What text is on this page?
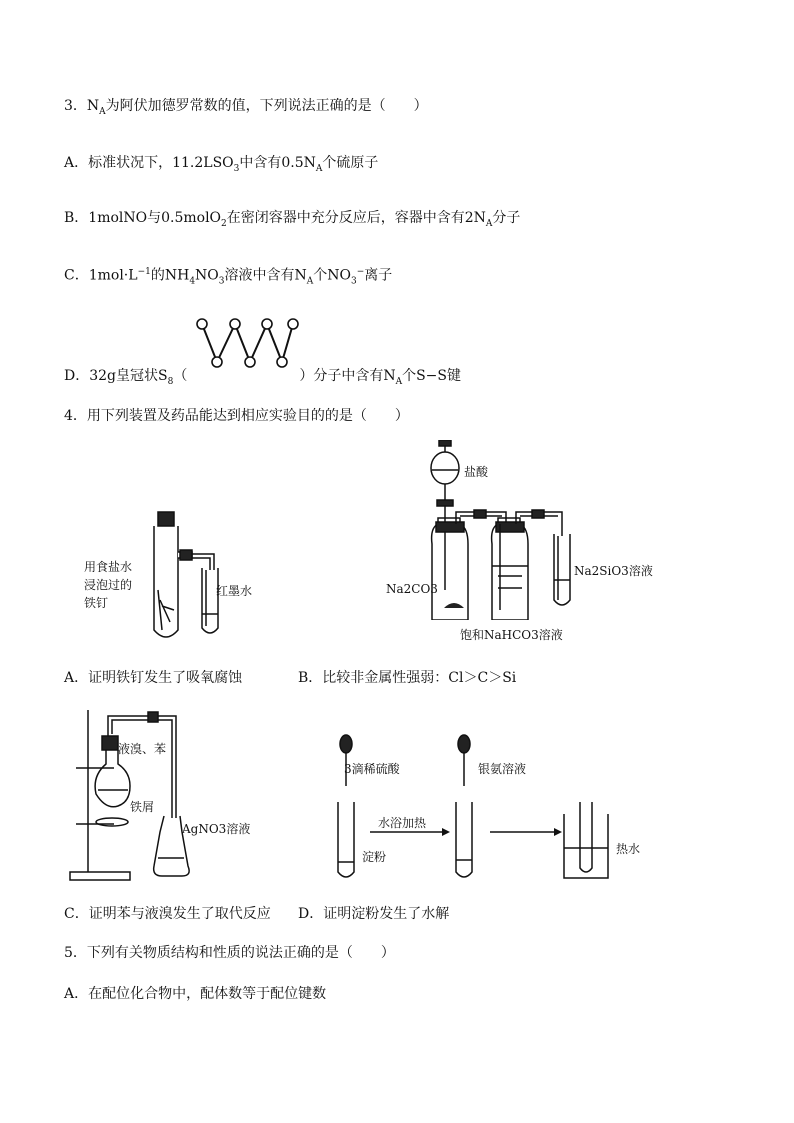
3．$N_A$为阿伏加德罗常数的值，下列说法正确的是（　　）
A．标准状况下，$11.2LSO_3$中含有$0.5N_A$个硫原子
B．1molNO与0.5molO$_2$在密闭容器中充分反应后，容器中含有$2N_A$分子
C．$1mol\cdot L^{-1}$的$NH_4NO_3$溶液中含有$N_A$个$NO_3^-$离子
D．32g皇冠状$S_8$（	）分子中含有$N_A$个S−S键
4．用下列装置及药品能达到相应实验目的的是（　　）
用食盐水
浸泡过的
铁钉
红墨水
盐酸
Na2CO3
Na2SiO3溶液
饱和NaHCO3溶液
A．证明铁钉发生了吸氧腐蚀	B．比较非金属性强弱：Cl＞C＞Si
液溴、苯
铁屑
AgNO3溶液
3滴稀硫酸	银氨溶液
水浴加热
淀粉
热水
C．证明苯与液溴发生了取代反应 D．证明淀粉发生了水解
5．下列有关物质结构和性质的说法正确的是（　　）
A．在配位化合物中，配体数等于配位键数
